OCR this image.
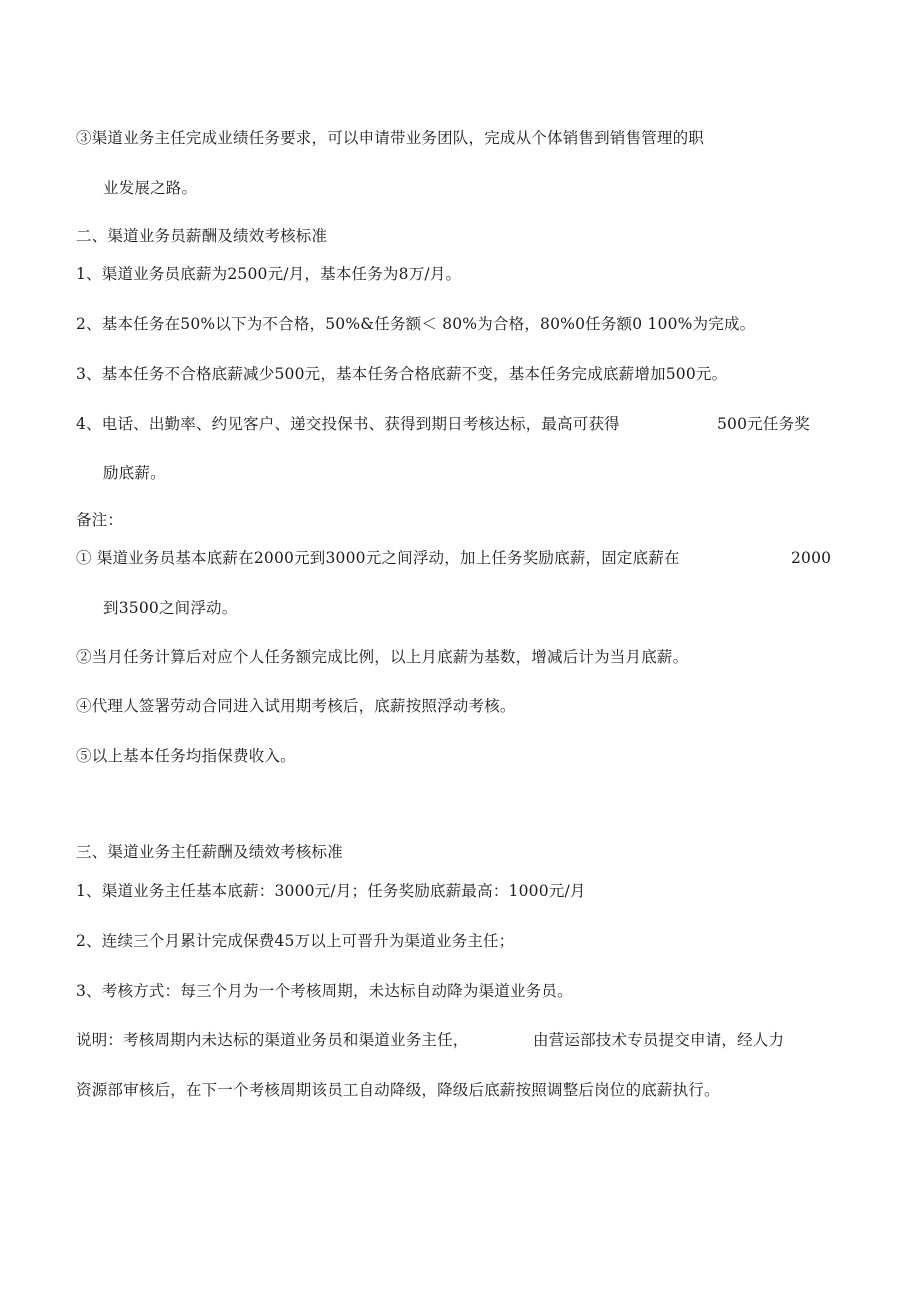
③渠道业务主任完成业绩任务要求，可以申请带业务团队，完成从个体销售到销售管理的职
业发展之路。
二、渠道业务员薪酬及绩效考核标准
1、渠道业务员底薪为2500元/月，基本任务为8万/月。
2、基本任务在50%以下为不合格，50%&任务额＜ 80%为合格，80%0任务额0 100%为完成。
3、基本任务不合格底薪减少500元，基本任务合格底薪不变，基本任务完成底薪增加500元。
4、电话、出勤率、约见客户、递交投保书、获得到期日考核达标，最高可获得	500元任务奖
励底薪。
备注：
① 渠道业务员基本底薪在2000元到3000元之间浮动，加上任务奖励底薪，固定底薪在	2000
到3500之间浮动。
②当月任务计算后对应个人任务额完成比例，以上月底薪为基数，增减后计为当月底薪。
④代理人签署劳动合同进入试用期考核后，底薪按照浮动考核。
⑤以上基本任务均指保费收入。
三、渠道业务主任薪酬及绩效考核标准
1、渠道业务主任基本底薪：3000元/月；任务奖励底薪最高：1000元/月
2、连续三个月累计完成保费45万以上可晋升为渠道业务主任；
3、考核方式：每三个月为一个考核周期，未达标自动降为渠道业务员。
说明：考核周期内未达标的渠道业务员和渠道业务主任，	由营运部技术专员提交申请，经人力
资源部审核后，在下一个考核周期该员工自动降级，降级后底薪按照调整后岗位的底薪执行。
